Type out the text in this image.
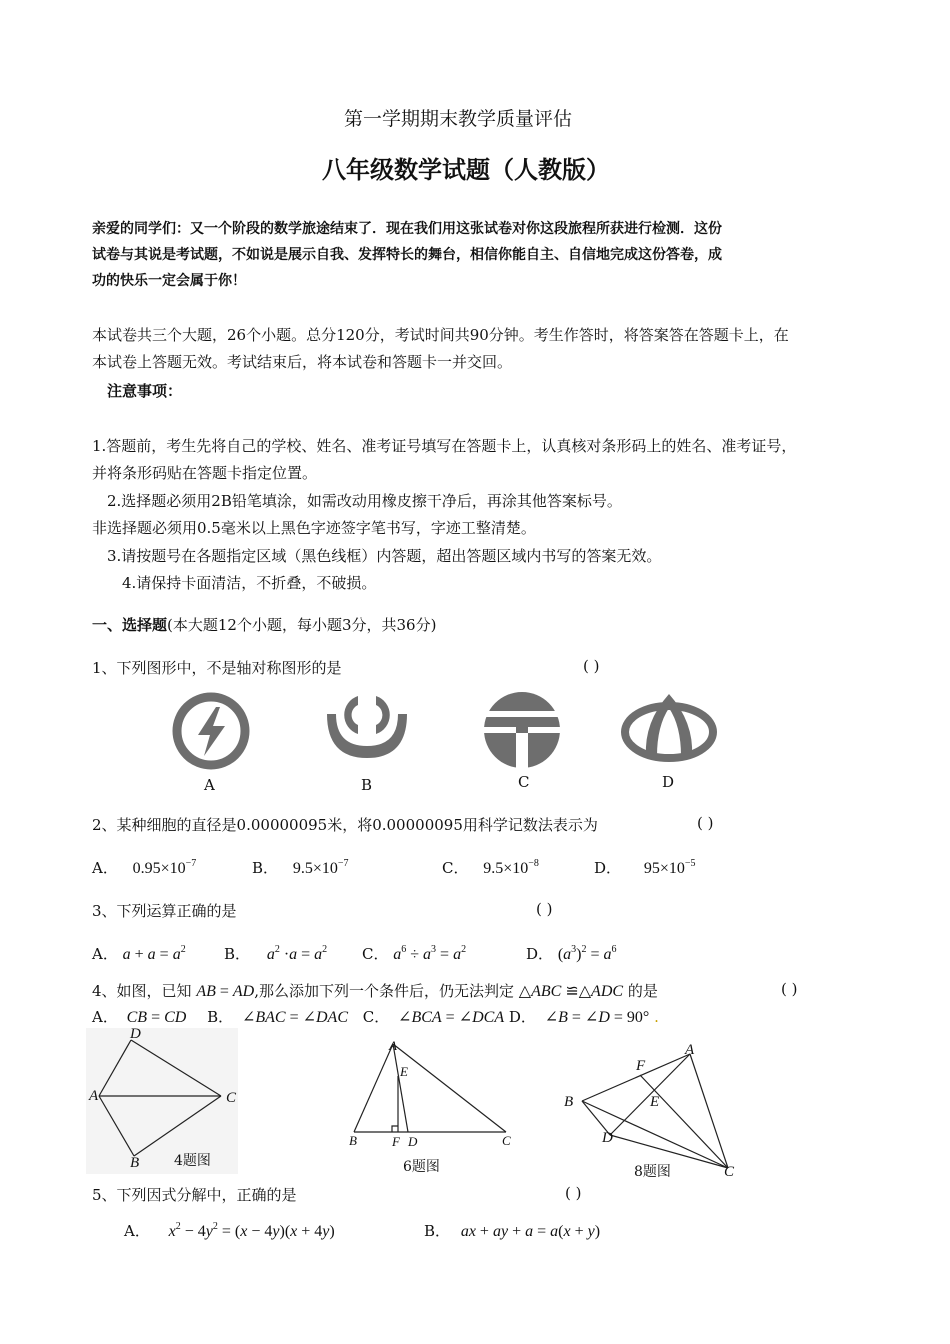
第一学期期末教学质量评估
八年级数学试题（人教版）
亲爱的同学们：又一个阶段的数学旅途结束了．现在我们用这张试卷对你这段旅程所获进行检测．这份
试卷与其说是考试题，不如说是展示自我、发挥特长的舞台，相信你能自主、自信地完成这份答卷，成
功的快乐一定会属于你！
本试卷共三个大题，26个小题。总分120分，考试时间共90分钟。考生作答时，将答案答在答题卡上，在
本试卷上答题无效。考试结束后，将本试卷和答题卡一并交回。
注意事项：
1.答题前，考生先将自己的学校、姓名、准考证号填写在答题卡上，认真核对条形码上的姓名、准考证号，
并将条形码贴在答题卡指定位置。
2.选择题必须用2B铅笔填涂，如需改动用橡皮擦干净后，再涂其他答案标号。
非选择题必须用0.5毫米以上黑色字迹签字笔书写，字迹工整清楚。
3.请按题号在各题指定区域（黑色线框）内答题，超出答题区域内书写的答案无效。
4.请保持卡面清洁，不折叠，不破损。
一、选择题(本大题12个小题，每小题3分，共36分)
1、下列图形中，不是轴对称图形的是	( )
A	B	C	D
2、某种细胞的直径是0.00000095米，将0.00000095用科学记数法表示为	( )
A． $0.95\times 10^{-7}$	B． $9.5\times 10^{-7}$	C． $9.5\times 10^{-8}$	D． $95\times 10^{-5}$
3、下列运算正确的是	( )
A． $a + a = a^2$	B． $a^2 \cdot a = a^2$ C． $a^6 \div a^3 = a^2$	D． $(a^3)^2 = a^6$
4、如图，已知 AB = AD,那么添加下列一个条件后，仍无法判定 △ABC ≌△ADC 的是	( )
A． CB = CD B． ∠BAC = ∠DAC C． ∠BCA = ∠DCA D． ∠B = ∠D = 90° .
D
A	C
B 4题图
A
E
B	F D	C
6题图
F
A
B	E
D
C
8题图
5、下列因式分解中，正确的是	( )
A． $x^2 - 4y^2 = (x - 4y)(x + 4y)$	B． ax + ay + a = a(x + y)
